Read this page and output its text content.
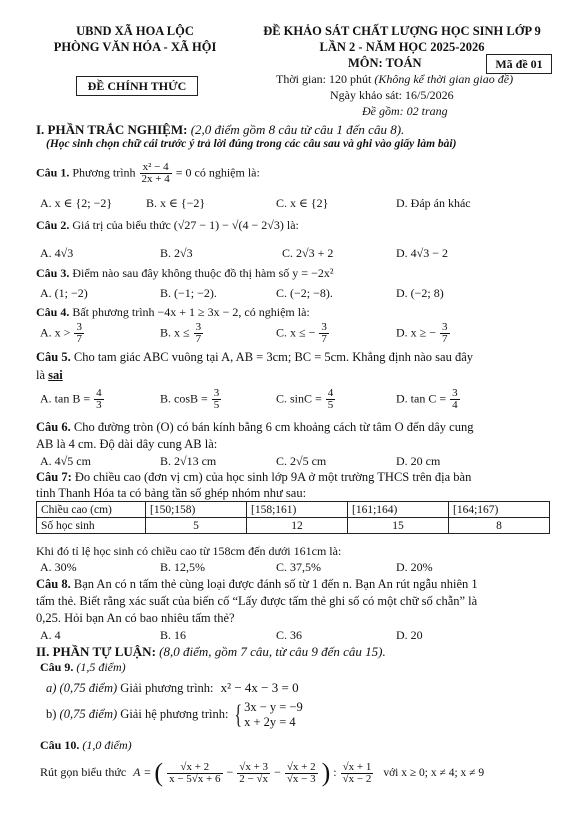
UBND XÃ HOA LỘC
PHÒNG VĂN HÓA - XÃ HỘI
ĐỀ CHÍNH THỨC
ĐỀ KHẢO SÁT CHẤT LƯỢNG HỌC SINH LỚP 9
LẦN 2 - NĂM HỌC 2025-2026
MÔN: TOÁN	Mã đề 01
Thời gian: 120 phút (Không kể thời gian giao đề)
Ngày khảo sát: 16/5/2026
Đề gồm: 02 trang
I. PHẦN TRẮC NGHIỆM: (2,0 điểm gồm 8 câu từ câu 1 đến câu 8).
(Học sinh chọn chữ cái trước ý trả lời đúng trong các câu sau và ghi vào giấy làm bài)
Câu 1. Phương trình $\frac{\text{x² − 4}}{2x + 4} = 0$ có nghiệm là:
A. x ∈ {2; −2}	B. x ∈ {−2}	C. x ∈ {2}	D. Đáp án khác
Câu 2. Giá trị của biểu thức (√27 − 1) − √(4 − 2√3) là:
A. 4√3	B. 2√3	C. 2√3 + 2	D. 4√3 − 2
Câu 3. Điểm nào sau đây không thuộc đồ thị hàm số y = −2x²
A. (1; −2)	B. (−1; −2).	C. (−2; −8).	D. (−2; 8)
Câu 4. Bất phương trình −4x + 1 ≥ 3x − 2, có nghiệm là:
A. $x > \frac{3}{7}$	B. $x \le \frac{3}{7}$	C. x ≤ − $\frac{3}{7}$	D. x ≥ − $\frac{3}{7}$
Câu 5. Cho tam giác ABC vuông tại A, AB = 3cm; BC = 5cm. Khẳng định nào sau đây
là sai
A. $\tan B = \frac{4}{3}$	B. $\cos B = \frac{3}{5}$	C. $\sin C = \frac{4}{5}$	D. $\tan C = \frac{3}{4}$
Câu 6. Cho đường tròn (O) có bán kính bằng 6 cm khoảng cách từ tâm O đến dây cung
AB là 4 cm. Độ dài dây cung AB là:
A. 4√5 cm	B. 2√13 cm	C. 2√5 cm	D. 20 cm
Câu 7: Đo chiều cao (đơn vị cm) của học sinh lớp 9A ở một trường THCS trên địa bàn
tỉnh Thanh Hóa ta có bảng tần số ghép nhóm như sau:
Chiều cao (cm)	[150;158)	[158;161)	[161;164)	[164;167)
Số học sinh	5	12	15	8
Khi đó tỉ lệ học sinh có chiều cao từ 158cm đến dưới 161cm là:
A. 30%	B. 12,5%	C. 37,5%	D. 20%
Câu 8. Bạn An có n tấm thẻ cùng loại được đánh số từ 1 đến n. Bạn An rút ngẫu nhiên 1
tấm thẻ. Biết rằng xác suất của biến cố “Lấy được tấm thẻ ghi số có một chữ số chẵn” là
0,25. Hỏi bạn An có bao nhiêu tấm thẻ?
A. 4	B. 16	C. 36	D. 20
II. PHẦN TỰ LUẬN: (8,0 điểm, gồm 7 câu, từ câu 9 đến câu 15).
Câu 9. (1,5 điểm)
a) (0,75 điểm) Giải phương trình: x² − 4x − 3 = 0
b) (0,75 điểm) Giải hệ phương trình: { 3x − y = −9
x + 2y = 4
Câu 10. (1,0 điểm)
Rút gọn biểu thức A = ( $\frac{√x + 2}{x - 5√x + 6} - \frac{√x + 3}{2 - √x} - \frac{√x + 2}{√x - 3}$ ) : $\frac{√x + 1}{√x - 2}$ với x ≥ 0; x ≠ 4; x ≠ 9
